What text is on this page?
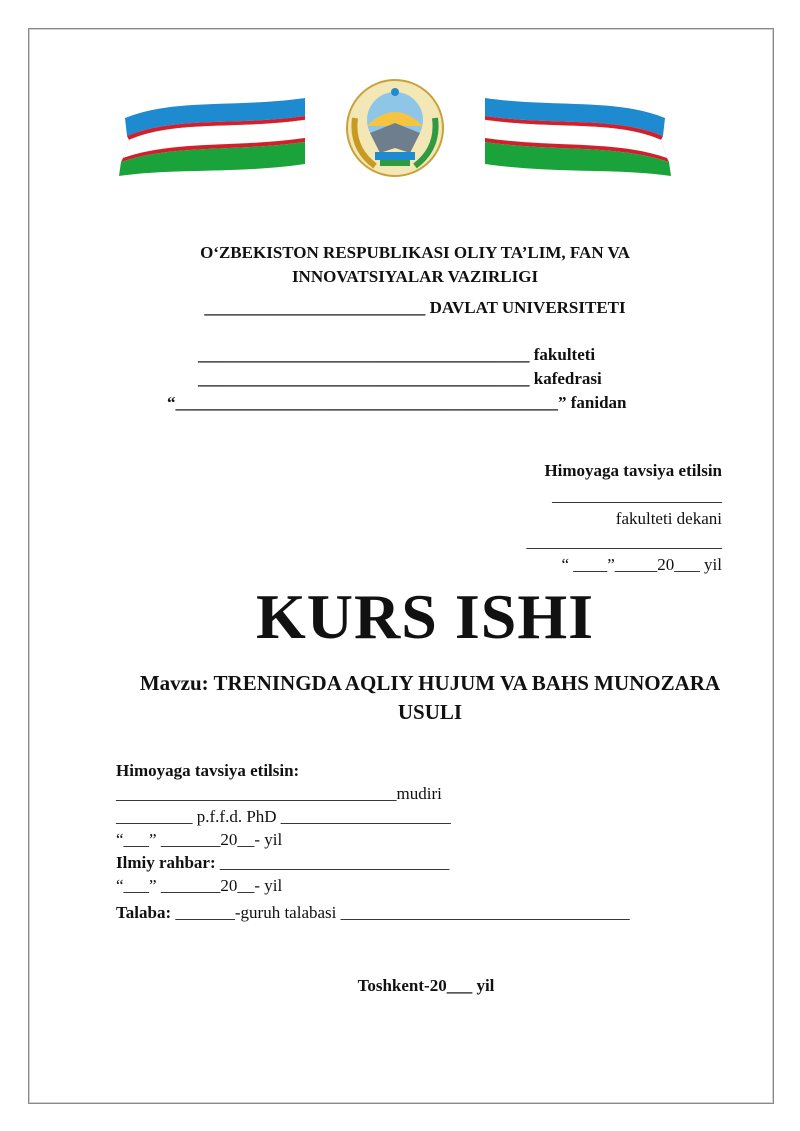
O‘ZBEKISTON RESPUBLIKASI OLIY TA’LIM, FAN VA
INNOVATSIYALAR VAZIRLIGI
__________________________ DAVLAT UNIVERSITETI
_______________________________________ fakulteti
_______________________________________ kafedrasi
“_____________________________________________” fanidan
Himoyaga tavsiya etilsin
____________________
fakulteti dekani
_______________________
“ ____”_____20___ yil
KURS ISHI
Mavzu: TRENINGDA AQLIY HUJUM VA BAHS MUNOZARA
USULI
Himoyaga tavsiya etilsin:
_________________________________mudiri
_________ p.f.f.d. PhD ____________________
“___” _______20__- yil
Ilmiy rahbar: ___________________________
“___” _______20__- yil
Talaba: _______-guruh talabasi __________________________________
Toshkent-20___ yil
